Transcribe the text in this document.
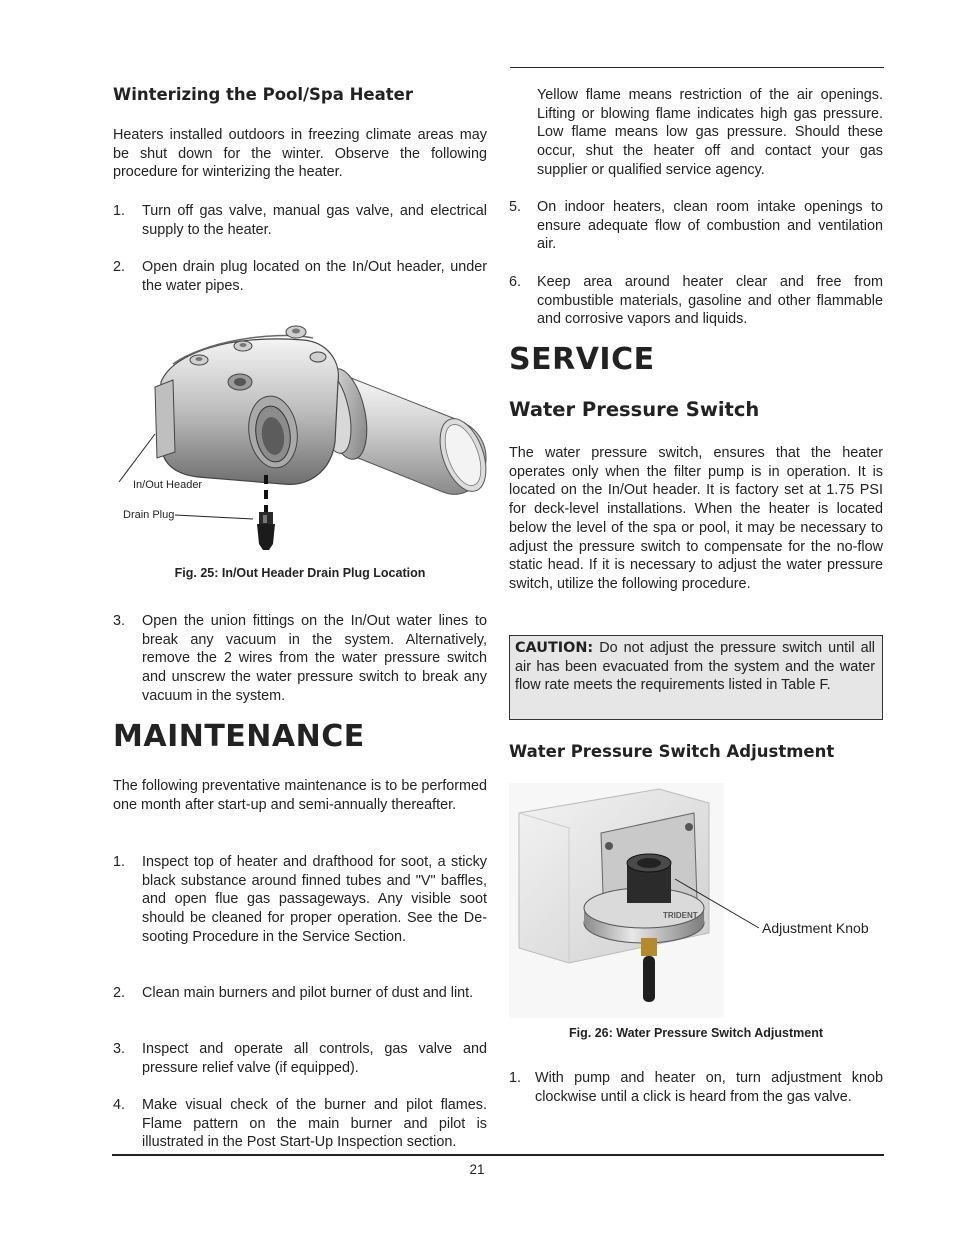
Winterizing the Pool/Spa Heater
Heaters installed outdoors in freezing climate areas may be shut down for the winter. Observe the following procedure for winterizing the heater.
1. Turn off gas valve, manual gas valve, and electrical supply to the heater.
2. Open drain plug located on the In/Out header, under the water pipes.
In/Out Header
Drain Plug
Fig. 25: In/Out Header Drain Plug Location
3. Open the union fittings on the In/Out water lines to break any vacuum in the system. Alternatively, remove the 2 wires from the water pressure switch and unscrew the water pressure switch to break any vacuum in the system.
MAINTENANCE
The following preventative maintenance is to be performed one month after start-up and semi-annually thereafter.
1. Inspect top of heater and drafthood for soot, a sticky black substance around finned tubes and "V" baffles, and open flue gas passageways. Any visible soot should be cleaned for proper operation. See the De-sooting Procedure in the Service Section.
2. Clean main burners and pilot burner of dust and lint.
3. Inspect and operate all controls, gas valve and pressure relief valve (if equipped).
4. Make visual check of the burner and pilot flames. Flame pattern on the main burner and pilot is illustrated in the Post Start-Up Inspection section.
Yellow flame means restriction of the air openings. Lifting or blowing flame indicates high gas pressure. Low flame means low gas pressure. Should these occur, shut the heater off and contact your gas supplier or qualified service agency.
5. On indoor heaters, clean room intake openings to ensure adequate flow of combustion and ventilation air.
6. Keep area around heater clear and free from combustible materials, gasoline and other flammable and corrosive vapors and liquids.
SERVICE
Water Pressure Switch
The water pressure switch, ensures that the heater operates only when the filter pump is in operation. It is located on the In/Out header. It is factory set at 1.75 PSI for deck-level installations. When the heater is located below the level of the spa or pool, it may be necessary to adjust the pressure switch to compensate for the no-flow static head. If it is necessary to adjust the water pressure switch, utilize the following procedure.
CAUTION: Do not adjust the pressure switch until all air has been evacuated from the system and the water flow rate meets the requirements listed in Table F.
Water Pressure Switch Adjustment
TRIDENT
Adjustment Knob
Fig. 26: Water Pressure Switch Adjustment
1. With pump and heater on, turn adjustment knob clockwise until a click is heard from the gas valve.
21
